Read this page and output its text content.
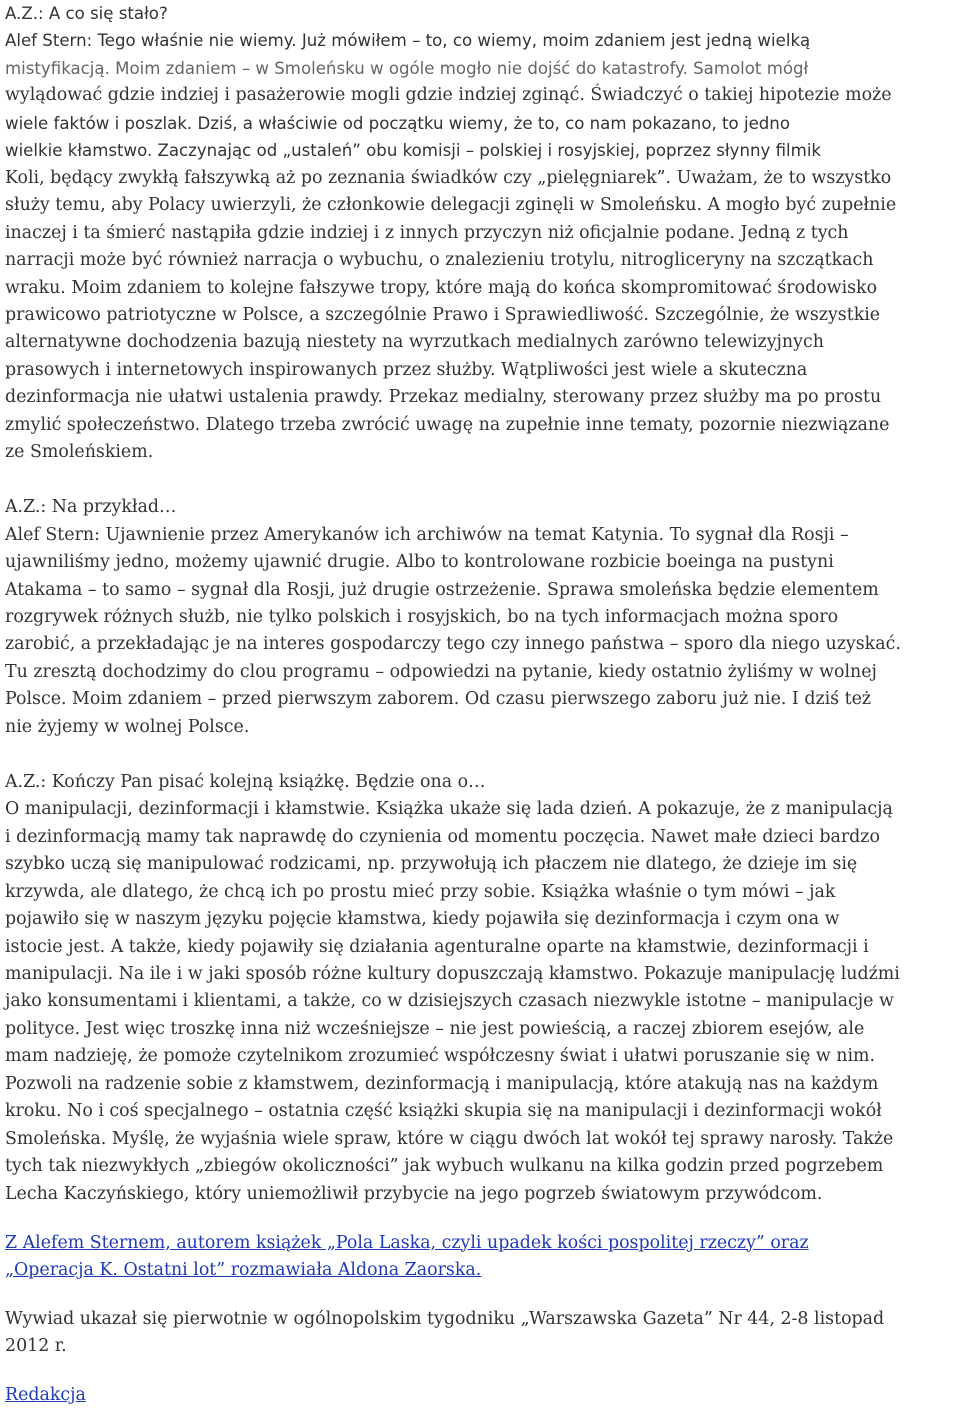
A.Z.: A co się stało?

Alef Stern: Tego właśnie nie wiemy. Już mówiłem – to, co wiemy, moim zdaniem jest jedną wielką

mistyfikacją. Moim zdaniem – w Smoleńsku w ogóle mogło nie dojść do katastrofy. Samolot mógł

wylądować gdzie indziej i pasażerowie mogli gdzie indziej zginąć. Świadczyć o takiej hipotezie może

wiele faktów i poszlak. Dziś, a właściwie od początku wiemy, że to, co nam pokazano, to jedno

wielkie kłamstwo. Zaczynając od „ustaleń” obu komisji – polskiej i rosyjskiej, poprzez słynny filmik

Koli, będący zwykłą fałszywką aż po zeznania świadków czy „pielęgniarek”. Uważam, że to wszystko

służy temu, aby Polacy uwierzyli, że członkowie delegacji zginęli w Smoleńsku. A mogło być zupełnie

inaczej i ta śmierć nastąpiła gdzie indziej i z innych przyczyn niż oficjalnie podane. Jedną z tych

narracji może być również narracja o wybuchu, o znalezieniu trotylu, nitrogliceryny na szczątkach

wraku. Moim zdaniem to kolejne fałszywe tropy, które mają do końca skompromitować środowisko

prawicowo patriotyczne w Polsce, a szczególnie Prawo i Sprawiedliwość. Szczególnie, że wszystkie

alternatywne dochodzenia bazują niestety na wyrzutkach medialnych zarówno telewizyjnych

prasowych i internetowych inspirowanych przez służby. Wątpliwości jest wiele a skuteczna

dezinformacja nie ułatwi ustalenia prawdy. Przekaz medialny, sterowany przez służby ma po prostu

zmylić społeczeństwo. Dlatego trzeba zwrócić uwagę na zupełnie inne tematy, pozornie niezwiązane

ze Smoleńskiem.

A.Z.: Na przykład…

Alef Stern: Ujawnienie przez Amerykanów ich archiwów na temat Katynia. To sygnał dla Rosji –

ujawniliśmy jedno, możemy ujawnić drugie. Albo to kontrolowane rozbicie boeinga na pustyni

Atakama – to samo – sygnał dla Rosji, już drugie ostrzeżenie. Sprawa smoleńska będzie elementem

rozgrywek różnych służb, nie tylko polskich i rosyjskich, bo na tych informacjach można sporo

zarobić, a przekładając je na interes gospodarczy tego czy innego państwa – sporo dla niego uzyskać.

Tu zresztą dochodzimy do clou programu – odpowiedzi na pytanie, kiedy ostatnio żyliśmy w wolnej

Polsce. Moim zdaniem – przed pierwszym zaborem. Od czasu pierwszego zaboru już nie. I dziś też

nie żyjemy w wolnej Polsce.

A.Z.: Kończy Pan pisać kolejną książkę. Będzie ona o…

O manipulacji, dezinformacji i kłamstwie. Książka ukaże się lada dzień. A pokazuje, że z manipulacją

i dezinformacją mamy tak naprawdę do czynienia od momentu poczęcia. Nawet małe dzieci bardzo

szybko uczą się manipulować rodzicami, np. przywołują ich płaczem nie dlatego, że dzieje im się

krzywda, ale dlatego, że chcą ich po prostu mieć przy sobie. Książka właśnie o tym mówi – jak

pojawiło się w naszym języku pojęcie kłamstwa, kiedy pojawiła się dezinformacja i czym ona w

istocie jest. A także, kiedy pojawiły się działania agenturalne oparte na kłamstwie, dezinformacji i

manipulacji. Na ile i w jaki sposób różne kultury dopuszczają kłamstwo. Pokazuje manipulację ludźmi

jako konsumentami i klientami, a także, co w dzisiejszych czasach niezwykle istotne – manipulacje w

polityce. Jest więc troszkę inna niż wcześniejsze – nie jest powieścią, a raczej zbiorem esejów, ale

mam nadzieję, że pomoże czytelnikom zrozumieć współczesny świat i ułatwi poruszanie się w nim.

Pozwoli na radzenie sobie z kłamstwem, dezinformacją i manipulacją, które atakują nas na każdym

kroku. No i coś specjalnego – ostatnia część książki skupia się na manipulacji i dezinformacji wokół

Smoleńska. Myślę, że wyjaśnia wiele spraw, które w ciągu dwóch lat wokół tej sprawy narosły. Także

tych tak niezwykłych „zbiegów okoliczności” jak wybuch wulkanu na kilka godzin przed pogrzebem

Lecha Kaczyńskiego, który uniemożliwił przybycie na jego pogrzeb światowym przywódcom.

Z Alefem Sternem, autorem książek „Pola Laska, czyli upadek kości pospolitej rzeczy” oraz

„Operacja K. Ostatni lot” rozmawiała Aldona Zaorska.

Wywiad ukazał się pierwotnie w ogólnopolskim tygodniku „Warszawska Gazeta” Nr 44, 2-8 listopad

2012 r.

Redakcja
